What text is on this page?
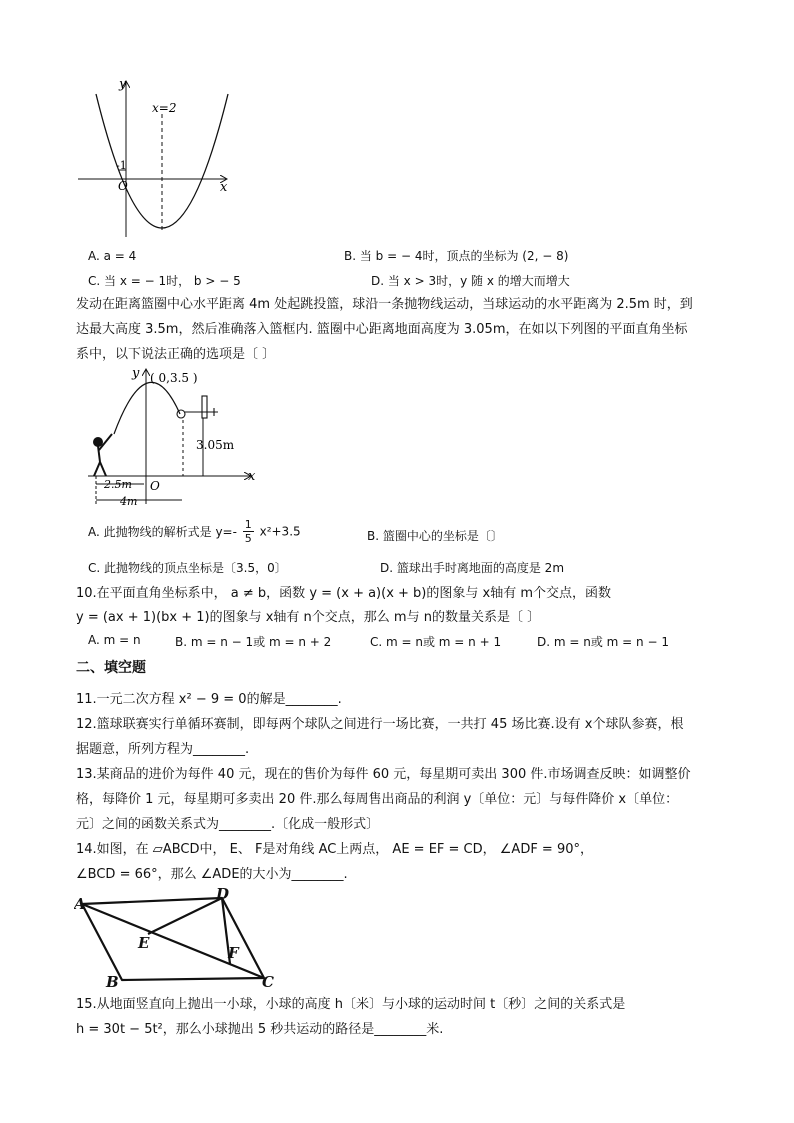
y
x
x=2
-1
O
A. a = 4	B. 当 b = − 4时，顶点的坐标为 (2, − 8)
C. 当 x = − 1时， b > − 5	D. 当 x > 3时，y 随 x 的增大而增大
发动在距离篮圈中心水平距离 4m 处起跳投篮，球沿一条抛物线运动，当球运动的水平距离为 2.5m 时，到
达最大高度 3.5m，然后准确落入篮框内. 篮圈中心距离地面高度为 3.05m，在如以下列图的平面直角坐标
系中，以下说法正确的选项是〔 〕
y
x
( 0,3.5 )
3.05m
2.5m
4m
O
A. 此抛物线的解析式是 $y=- \frac{1}{5} x^2+3.5$	B. 篮圈中心的坐标是〔〕
C. 此抛物线的顶点坐标是〔3.5，0〕	D. 篮球出手时离地面的高度是 2m
10.在平面直角坐标系中， a ≠ b，函数 y = (x + a)(x + b)的图象与 x轴有 m个交点，函数
y = (ax + 1)(bx + 1)的图象与 x轴有 n个交点，那么 m与 n的数量关系是〔 〕
A. m = n	B. m = n − 1或 m = n + 2	C. m = n或 m = n + 1	D. m = n或 m = n − 1
二、填空题
11.一元二次方程 x² − 9 = 0的解是________.
12.篮球联赛实行单循环赛制，即每两个球队之间进行一场比赛，一共打 45 场比赛.设有 x个球队参赛，根
据题意，所列方程为________.
13.某商品的进价为每件 40 元，现在的售价为每件 60 元，每星期可卖出 300 件.市场调查反映：如调整价
格，每降价 1 元，每星期可多卖出 20 件.那么每周售出商品的利润 y〔单位：元〕与每件降价 x〔单位：
元〕之间的函数关系式为________.〔化成一般形式〕
14.如图，在 ▱ABCD中， E、 F是对角线 AC上两点， AE = EF = CD， ∠ADF = 90°，
∠BCD = 66°，那么 ∠ADE的大小为________.
A
D
E
F
B	C
15.从地面竖直向上抛出一小球，小球的高度 h〔米〕与小球的运动时间 t〔秒〕之间的关系式是
h = 30t − 5t²，那么小球抛出 5 秒共运动的路径是________米.
